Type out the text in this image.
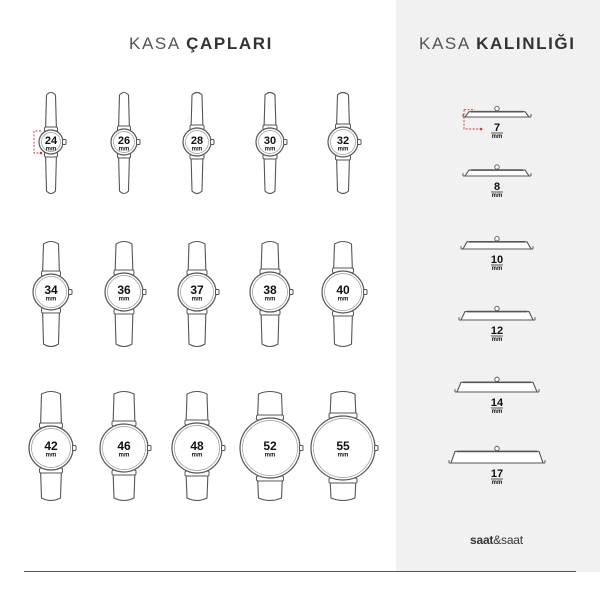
KASA ÇAPLARI	KASA KALINLIĞI
24
mm
26
mm
28
mm
30
mm
32
mm
34
mm
36
mm
37
mm
38
mm
40
mm
42
mm
46
mm
48
mm
52
mm
55
mm
7
mm
8
mm
10
mm
12
mm
14
mm
17
mm
saat&saat
